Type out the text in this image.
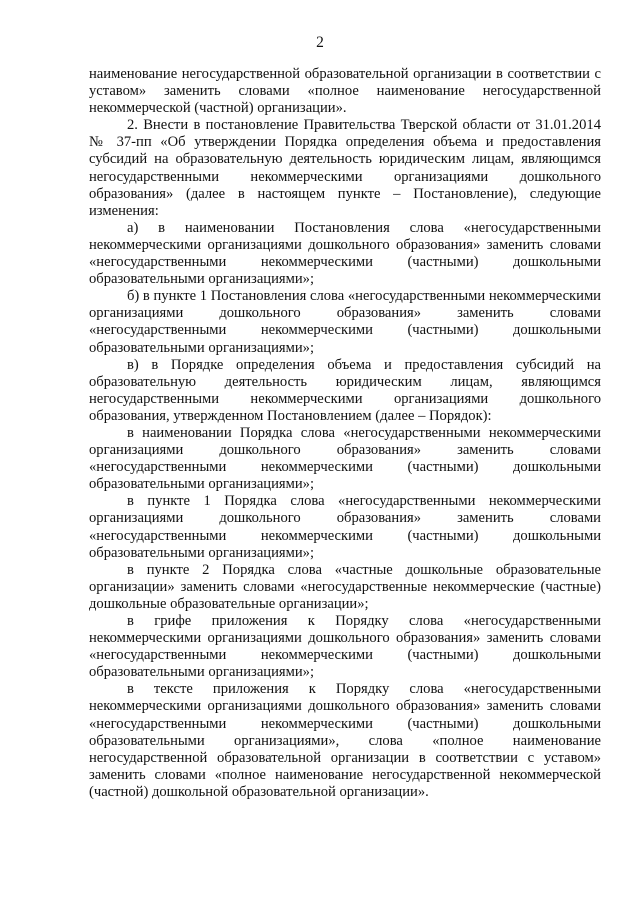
2

наименование негосударственной образовательной организации в соответствии с уставом» заменить словами «полное наименование негосударственной некоммерческой (частной) организации».

2. Внести в постановление Правительства Тверской области от 31.01.2014 № 37-пп «Об утверждении Порядка определения объема и предоставления субсидий на образовательную деятельность юридическим лицам, являющимся негосударственными некоммерческими организациями дошкольного образования» (далее в настоящем пункте – Постановление), следующие изменения:

а) в наименовании Постановления слова «негосударственными некоммерческими организациями дошкольного образования» заменить словами «негосударственными некоммерческими (частными) дошкольными образовательными организациями»;

б) в пункте 1 Постановления слова «негосударственными некоммерческими организациями дошкольного образования» заменить словами «негосударственными некоммерческими (частными) дошкольными образовательными организациями»;

в) в Порядке определения объема и предоставления субсидий на образовательную деятельность юридическим лицам, являющимся негосударственными некоммерческими организациями дошкольного образования, утвержденном Постановлением (далее – Порядок):

в наименовании Порядка слова «негосударственными некоммерческими организациями дошкольного образования» заменить словами «негосударственными некоммерческими (частными) дошкольными образовательными организациями»;

в пункте 1 Порядка слова «негосударственными некоммерческими организациями дошкольного образования» заменить словами «негосударственными некоммерческими (частными) дошкольными образовательными организациями»;

в пункте 2 Порядка слова «частные дошкольные образовательные организации» заменить словами «негосударственные некоммерческие (частные) дошкольные образовательные организации»;

в грифе приложения к Порядку слова «негосударственными некоммерческими организациями дошкольного образования» заменить словами «негосударственными некоммерческими (частными) дошкольными образовательными организациями»;

в тексте приложения к Порядку слова «негосударственными некоммерческими организациями дошкольного образования» заменить словами «негосударственными некоммерческими (частными) дошкольными образовательными организациями», слова «полное наименование негосударственной образовательной организации в соответствии с уставом» заменить словами «полное наименование негосударственной некоммерческой (частной) дошкольной образовательной организации».
